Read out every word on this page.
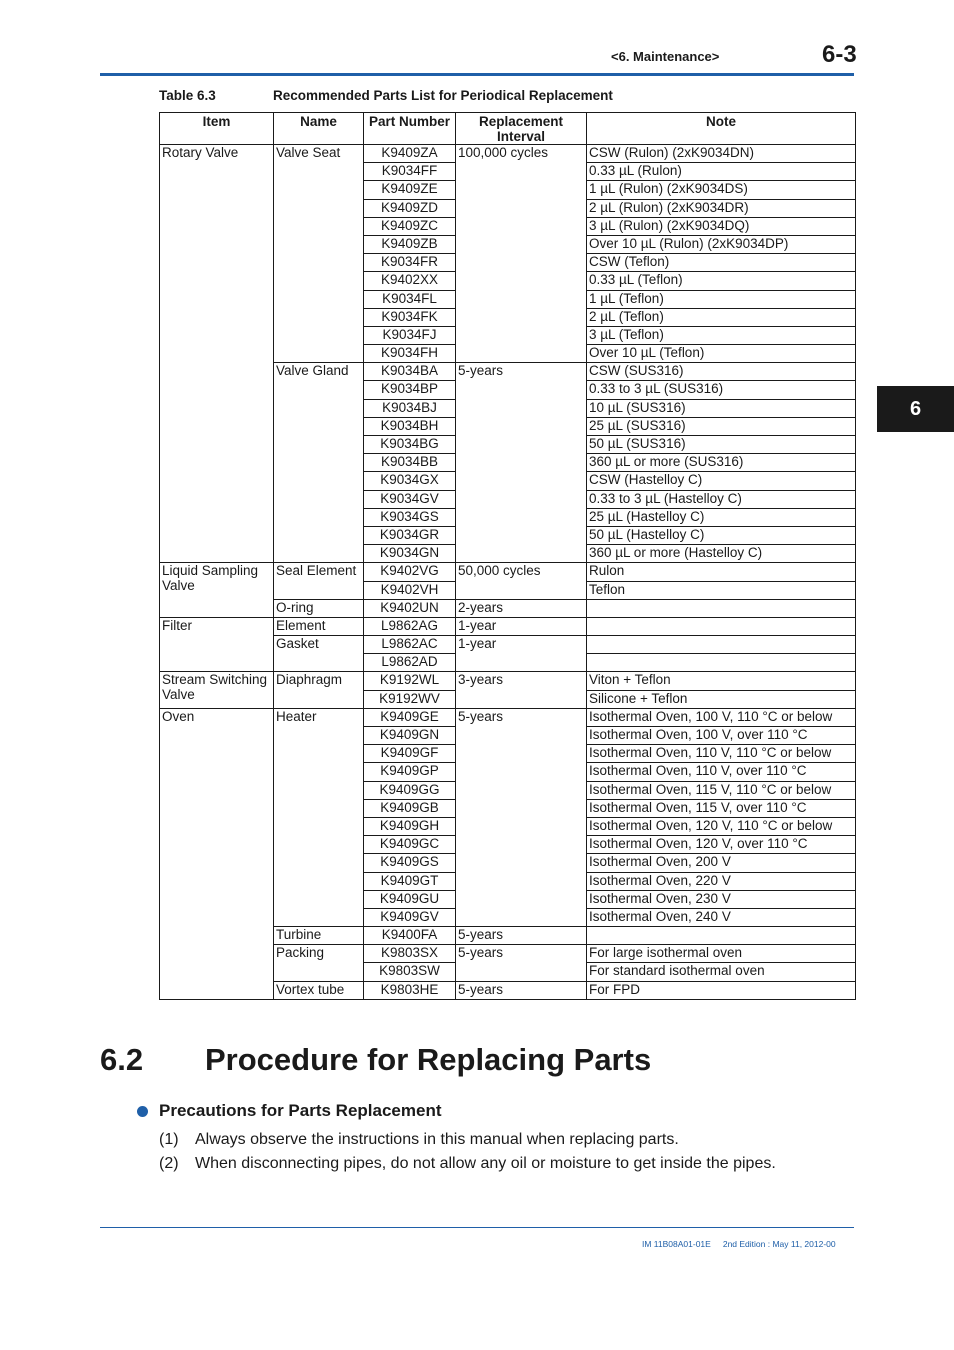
<6. Maintenance>	6-3
6
Table 6.3	Recommended Parts List for Periodical Replacement
Item	Name	Part Number	Replacement Interval	Note
Rotary Valve	Valve Seat	K9409ZA	100,000 cycles	CSW (Rulon) (2xK9034DN)
		K9034FF		0.33 µL (Rulon)
		K9409ZE		1 µL (Rulon) (2xK9034DS)
		K9409ZD		2 µL (Rulon) (2xK9034DR)
		K9409ZC		3 µL (Rulon) (2xK9034DQ)
		K9409ZB		Over 10 µL (Rulon) (2xK9034DP)
		K9034FR		CSW (Teflon)
		K9402XX		0.33 µL (Teflon)
		K9034FL		1 µL (Teflon)
		K9034FK		2 µL (Teflon)
		K9034FJ		3 µL (Teflon)
		K9034FH		Over 10 µL (Teflon)
	Valve Gland	K9034BA	5-years	CSW (SUS316)
		K9034BP		0.33 to 3 µL (SUS316)
		K9034BJ		10 µL (SUS316)
		K9034BH		25 µL (SUS316)
		K9034BG		50 µL (SUS316)
		K9034BB		360 µL or more (SUS316)
		K9034GX		CSW (Hastelloy C)
		K9034GV		0.33 to 3 µL (Hastelloy C)
		K9034GS		25 µL (Hastelloy C)
		K9034GR		50 µL (Hastelloy C)
		K9034GN		360 µL or more (Hastelloy C)
Liquid Sampling Valve	Seal Element	K9402VG	50,000 cycles	Rulon
		K9402VH		Teflon
	O-ring	K9402UN	2-years	
Filter	Element	L9862AG	1-year	
	Gasket	L9862AC	1-year	
		L9862AD		
Stream Switching Valve	Diaphragm	K9192WL	3-years	Viton + Teflon
		K9192WV		Silicone + Teflon
Oven	Heater	K9409GE	5-years	Isothermal Oven, 100 V, 110 °C or below
		K9409GN		Isothermal Oven, 100 V, over 110 °C
		K9409GF		Isothermal Oven, 110 V, 110 °C or below
		K9409GP		Isothermal Oven, 110 V, over 110 °C
		K9409GG		Isothermal Oven, 115 V, 110 °C or below
		K9409GB		Isothermal Oven, 115 V, over 110 °C
		K9409GH		Isothermal Oven, 120 V, 110 °C or below
		K9409GC		Isothermal Oven, 120 V, over 110 °C
		K9409GS		Isothermal Oven, 200 V
		K9409GT		Isothermal Oven, 220 V
		K9409GU		Isothermal Oven, 230 V
		K9409GV		Isothermal Oven, 240 V
	Turbine	K9400FA	5-years	
	Packing	K9803SX	5-years	For large isothermal oven
		K9803SW		For standard isothermal oven
	Vortex tube	K9803HE	5-years	For FPD
6.2 Procedure for Replacing Parts
Precautions for Parts Replacement
(1) Always observe the instructions in this manual when replacing parts.
(2) When disconnecting pipes, do not allow any oil or moisture to get inside the pipes.
IM 11B08A01-01E 2nd Edition : May 11, 2012-00
